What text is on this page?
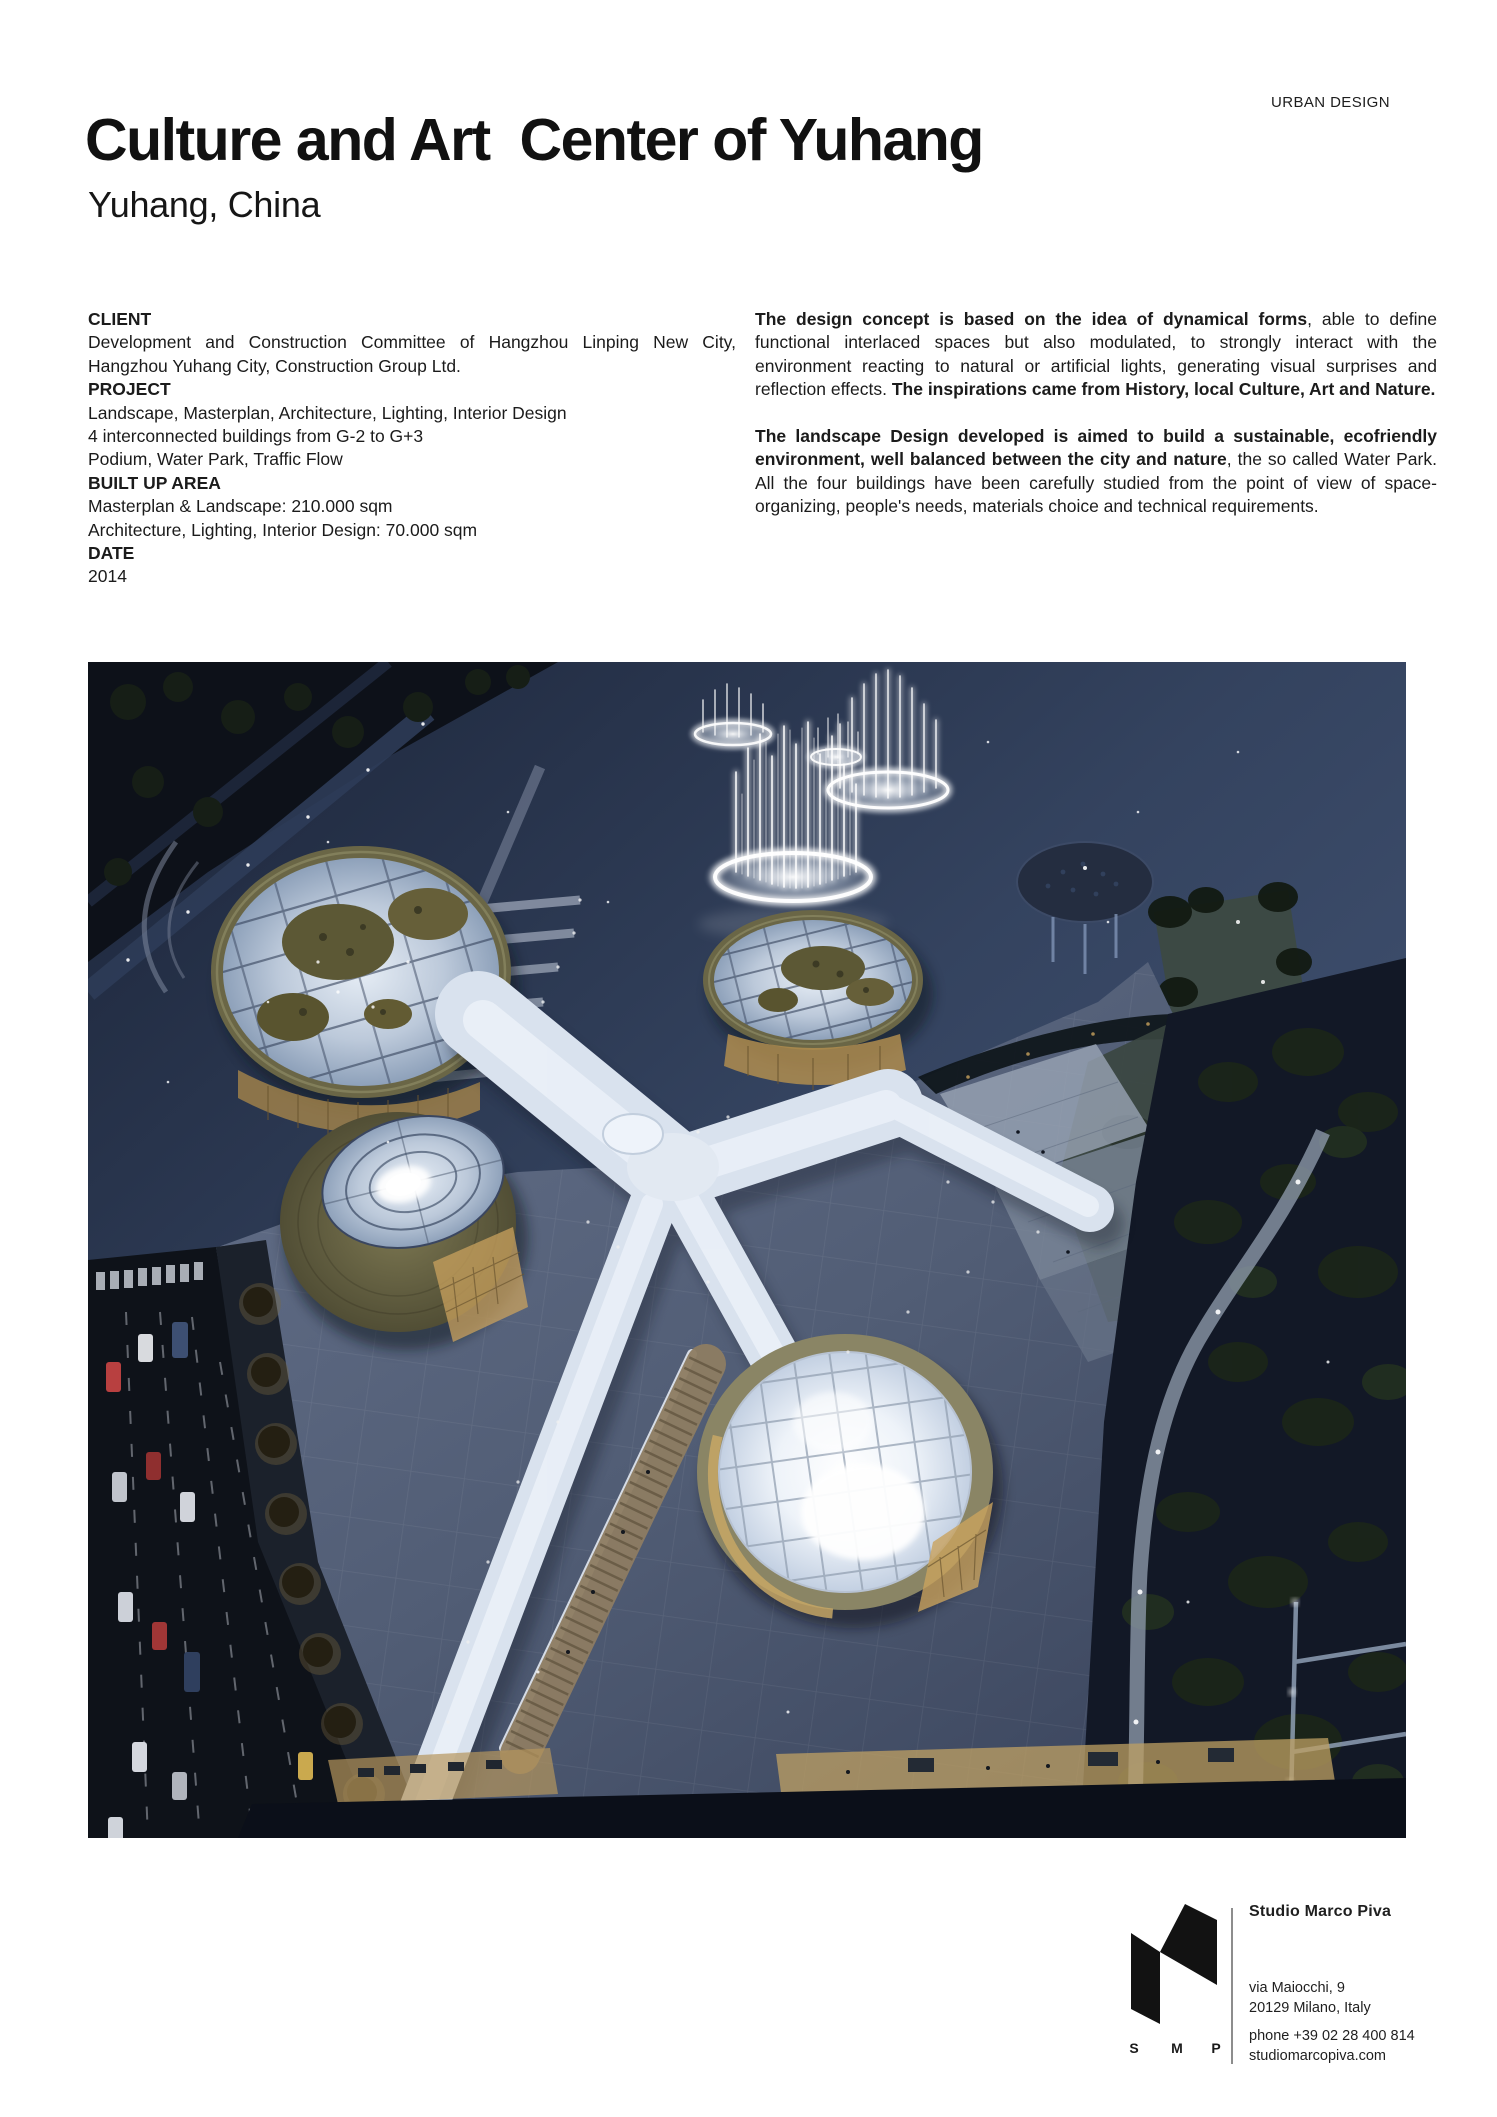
URBAN DESIGN
Culture and Art  Center of Yuhang
Yuhang, China
CLIENT
Development and Construction Committee of Hangzhou Linping New City,
Hangzhou Yuhang City, Construction Group Ltd.
PROJECT
Landscape, Masterplan, Architecture, Lighting, Interior Design
4 interconnected buildings from G-2 to G+3
Podium, Water Park, Traffic Flow
BUILT UP AREA
Masterplan & Landscape: 210.000 sqm
Architecture, Lighting, Interior Design: 70.000 sqm
DATE
2014

The design concept is based on the idea of dynamical forms, able to define functional interlaced spaces but also modulated, to strongly interact with the environment reacting to natural or artificial lights, generating visual surprises and reflection effects. The inspirations came from History, local Culture, Art and Nature.

The landscape Design developed is aimed to build a sustainable, ecofriendly environment, well balanced between the city and nature, the so called Water Park. All the four buildings have been carefully studied from the point of view of space-organizing, people's needs, materials choice and technical requirements.

S M P
Studio Marco Piva
via Maiocchi, 9
20129 Milano, Italy
phone +39 02 28 400 814
studiomarcopiva.com
